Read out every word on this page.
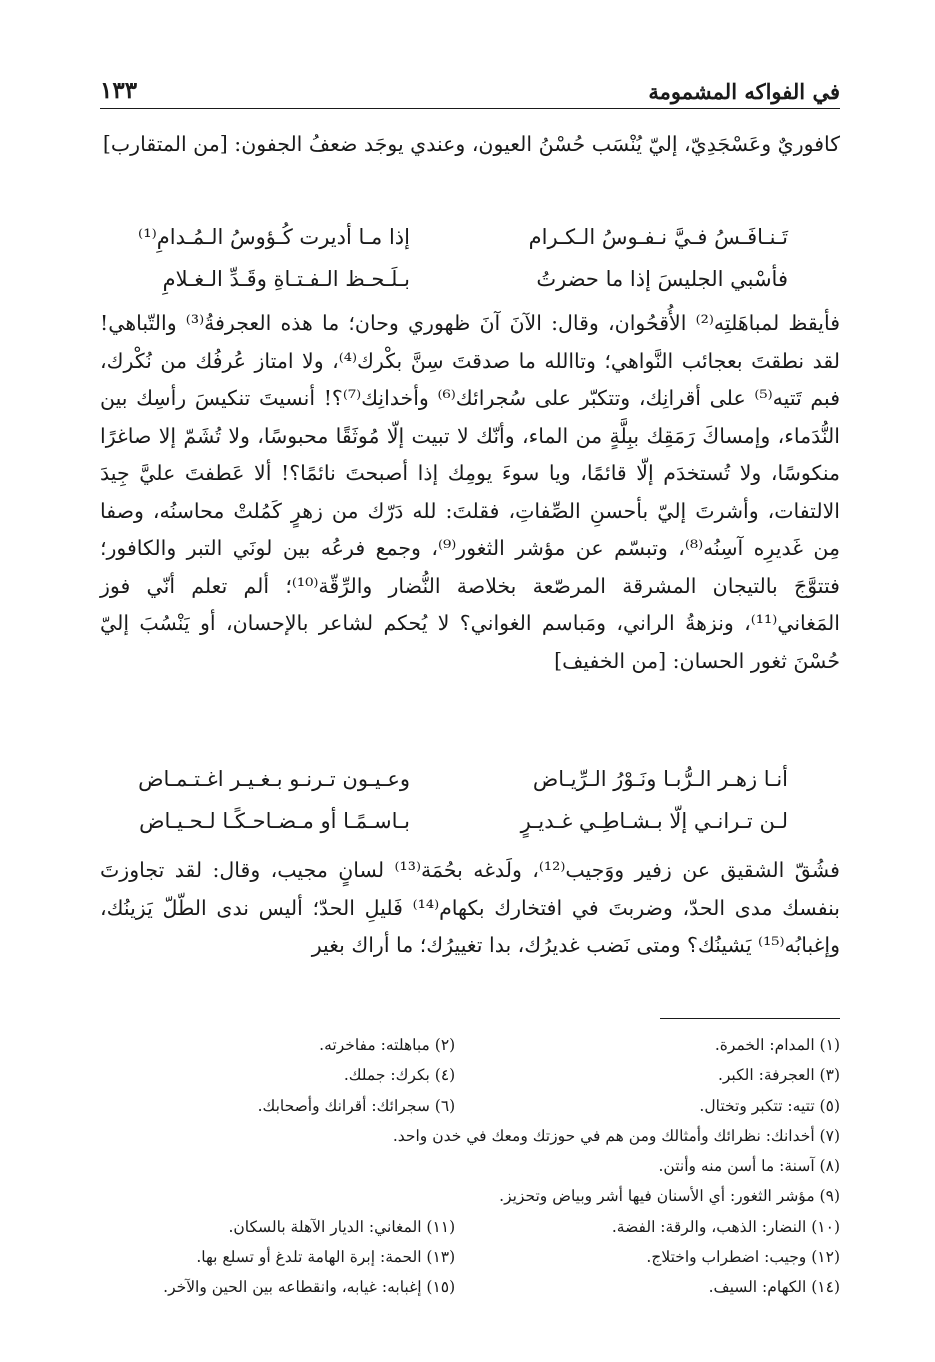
في الفواكه المشمومة
١٣٣

كافوريٌ وعَسْجَدِيّ، إليّ يُنْسَب حُسْنُ العيون، وعندي يوجَد ضعفُ الجفون: [من المتقارب]

تَـنـافَـسُ فـيَّ نـفـوسُ الـكـرام
إذا مـا أديرت كُـؤوسُ الـمُـدامِ⁽¹⁾
فأسْبي الجليسَ إذا ما حضرتُ
بـلَـحـظ الـفـتـاةِ وقَـدِّ الـغـلامِ

فأيقظ لمباهَلتِه⁽²⁾ الأُقحُوان، وقال: الآنَ آنَ ظهوري وحان؛ ما هذه العجرفةُ⁽³⁾ والتّباهي! لقد نطقتَ بعجائب النَّواهي؛ وتاالله ما صدقتَ سِنَّ بكْرك⁽⁴⁾، ولا امتاز عُرفُك من نُكْرك، فبم تَتيه⁽⁵⁾ على أقرانِك، وتتكبّر على سُجرائك⁽⁶⁾ وأخدانِك⁽⁷⁾؟! أنسيتَ تنكيسَ رأسِك بين النُّدَماء، وإمساكَ رَمَقِك ببِلَّةٍ من الماء، وأنّك لا تبيت إلّا مُوثَقًا محبوسًا، ولا تُشَمّ إلا صاغرًا منكوسًا، ولا تُستخدَم إلّا قائمًا، ويا سوءَ يومِك إذا أصبحتَ نائمًا؟! ألا عَطفتَ عليَّ جِيدَ الالتفات، وأشرتَ إليّ بأحسنِ الصِّفاتِ، فقلتَ: لله دَرّك من زهرٍ كَمُلتْ محاسنُه، وصفا مِن غَديرِه آسِنُه⁽⁸⁾، وتبسّم عن مؤشر الثغور⁽⁹⁾، وجمع فرعُه بين لونَي التبر والكافور؛ فتتوَّجَ بالتيجان المشرقة المرصّعة بخلاصة النُّضار والرِّقّة⁽¹⁰⁾؛ ألم تعلم أنّي فوز المَغاني⁽¹¹⁾، ونزهةُ الراني، ومَباسم الغواني؟ لا يُحكم لشاعر بالإحسان، أو يَنْسُبَ إليّ حُسْنَ ثغور الحسان: [من الخفيف]

أنـا زهـر الـرُّبـا ونَـوْرُ الـرِّيـاض
وعـيـون تـرنـو بـغـيـر اغـتـمـاض
لـن تـرانـي إلّا بـشـاطِـي غـديـرٍ
بـاسـمًـا أو مـضـاحـكًـا لـحـيـاض

فشُقّ الشقيق عن زفير ووَجيب⁽¹²⁾، ولَدغه بحُمَة⁽¹³⁾ لسانٍ مجيب، وقال: لقد تجاوزتَ بنفسك مدى الحدّ، وضربتَ في افتخارك بكهام⁽¹⁴⁾ فَليلِ الحدّ؛ أليس ندى الطّلّ يَزينُك، وإغبابُه⁽¹⁵⁾ يَشينُك؟ ومتى نَضب غديرُك، بدا تغييرُك؛ ما أراك بغير

(١) المدام: الخمرة.
(٢) مباهلته: مفاخرته.
(٣) العجرفة: الكبر.
(٤) بكرك: جملك.
(٥) تتيه: تتكبر وتختال.
(٦) سجرائك: أقرانك وأصحابك.
(٧) أخدانك: نظرائك وأمثالك ومن هم في حوزتك ومعك في خدن واحد.
(٨) آسنة: ما أسن منه وأنتن.
(٩) مؤشر الثغور: أي الأسنان فيها أشر وبياض وتحزيز.
(١٠) النضار: الذهب، والرقة: الفضة.
(١١) المغاني: الديار الآهلة بالسكان.
(١٢) وجيب: اضطراب واختلاج.
(١٣) الحمة: إبرة الهامة تلدغ أو تسلع بها.
(١٤) الكهام: السيف.
(١٥) إغبابه: غيابه، وانقطاعه بين الحين والآخر.
